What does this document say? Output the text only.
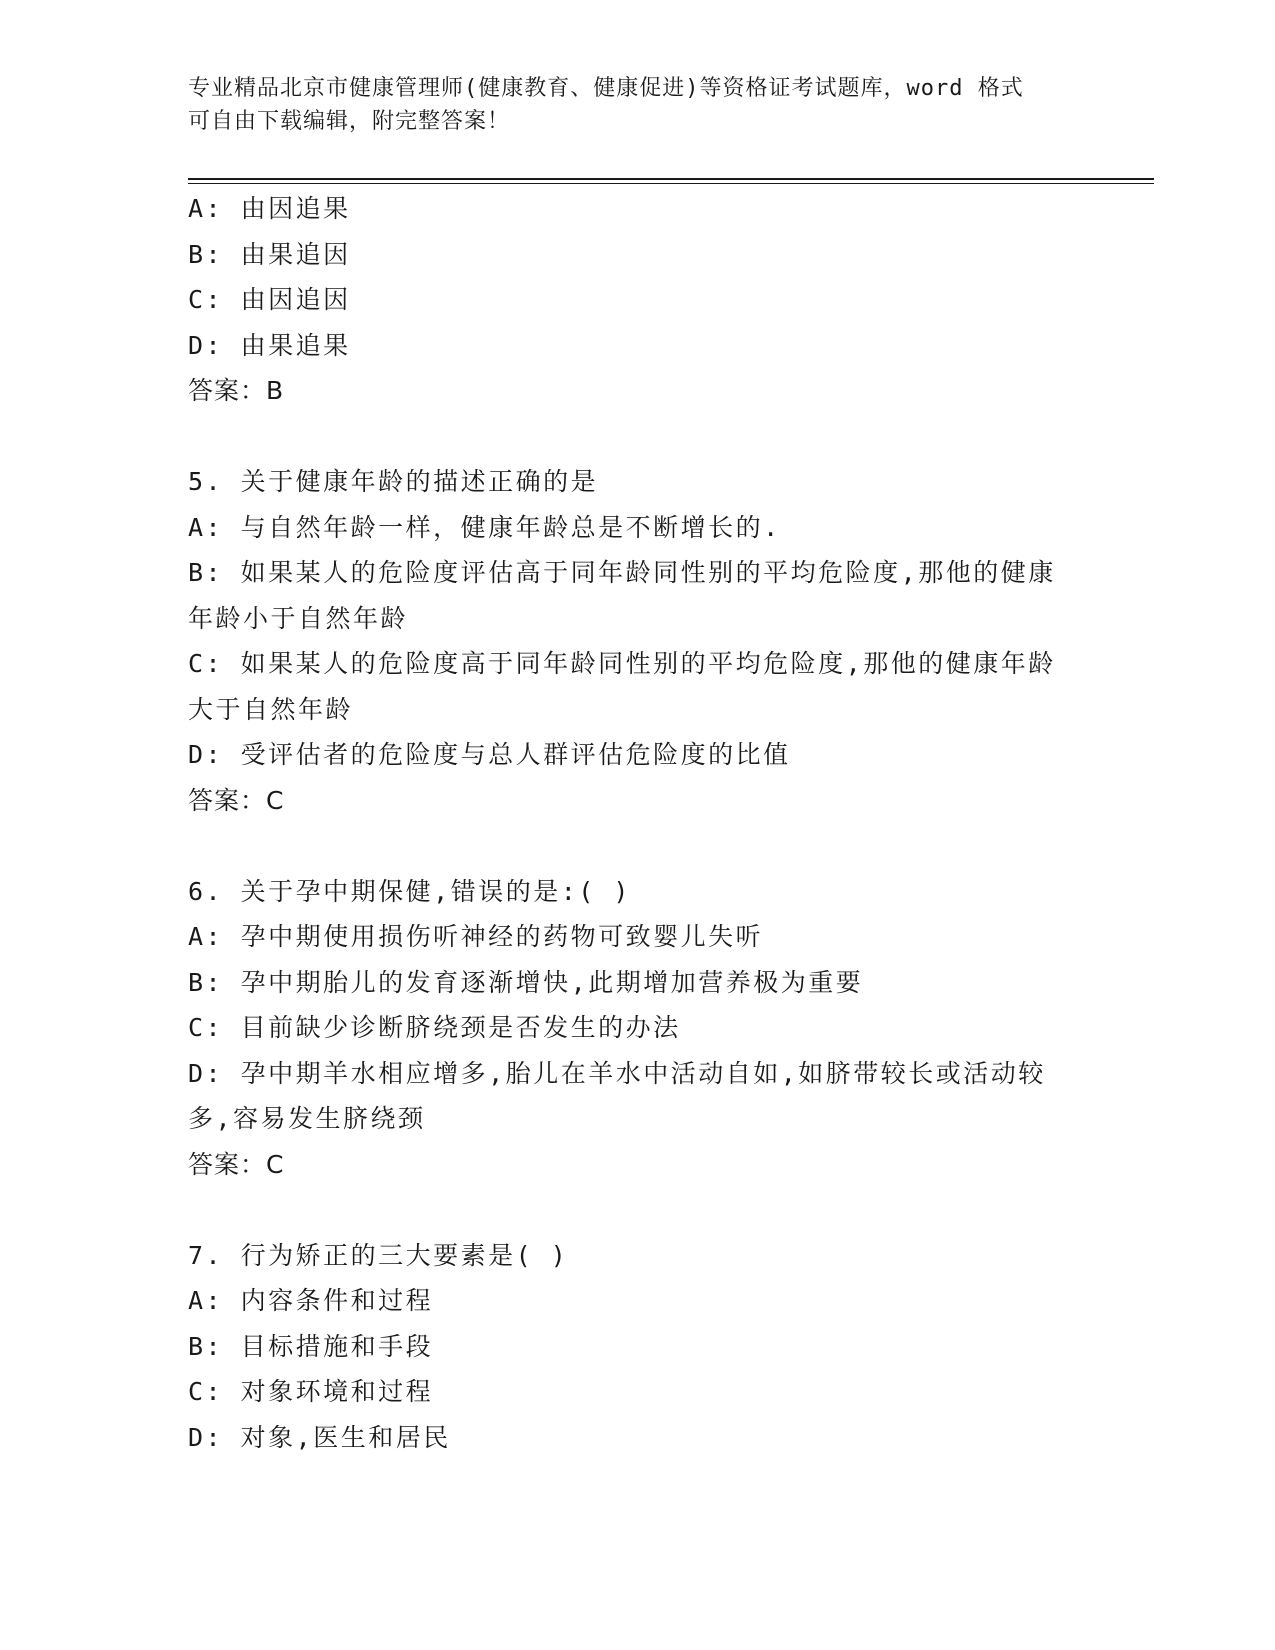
专业精品北京市健康管理师(健康教育、健康促进)等资格证考试题库，word 格式
可自由下载编辑，附完整答案！
A: 由因追果
B: 由果追因
C: 由因追因
D: 由果追果
答案：B
5. 关于健康年龄的描述正确的是
A: 与自然年龄一样，健康年龄总是不断增长的.
B: 如果某人的危险度评估高于同年龄同性别的平均危险度,那他的健康年龄小于自然年龄
C: 如果某人的危险度高于同年龄同性别的平均危险度,那他的健康年龄大于自然年龄
D: 受评估者的危险度与总人群评估危险度的比值
答案：C
6. 关于孕中期保健,错误的是:( )
A: 孕中期使用损伤听神经的药物可致婴儿失听
B: 孕中期胎儿的发育逐渐增快,此期增加营养极为重要
C: 目前缺少诊断脐绕颈是否发生的办法
D: 孕中期羊水相应增多,胎儿在羊水中活动自如,如脐带较长或活动较多,容易发生脐绕颈
答案：C
7. 行为矫正的三大要素是( )
A: 内容条件和过程
B: 目标措施和手段
C: 对象环境和过程
D: 对象,医生和居民
